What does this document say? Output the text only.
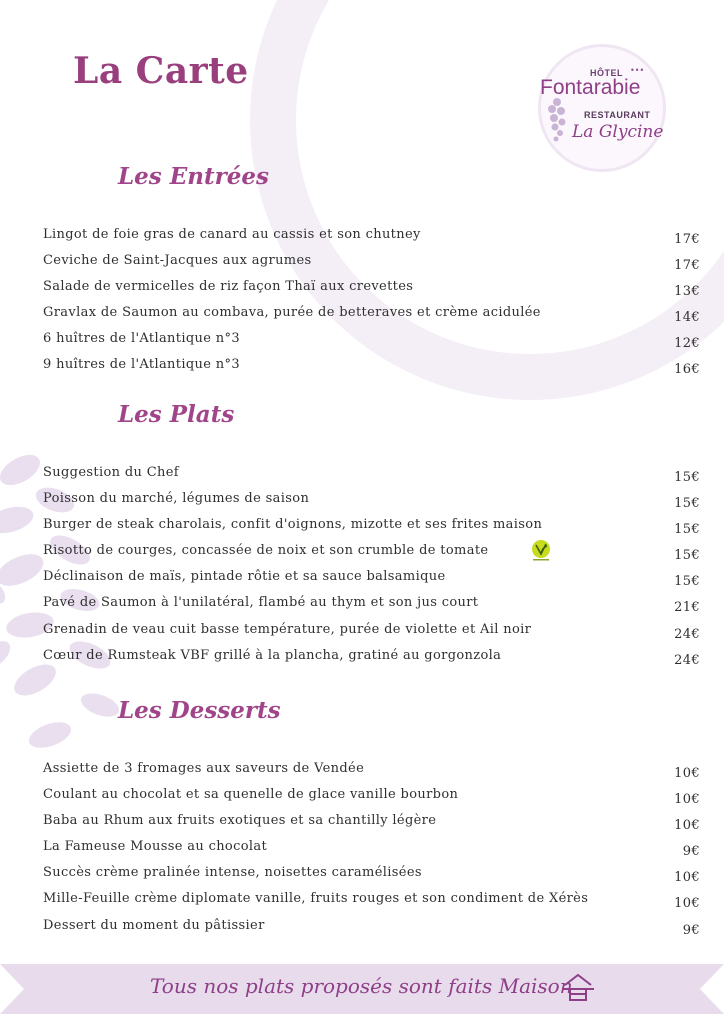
La Carte	HÔTEL •••
Fontarabie
RESTAURANT
La Glycine
Les Entrées
Lingot de foie gras de canard au cassis et son chutney	17€
Ceviche de Saint-Jacques aux agrumes	17€
Salade de vermicelles de riz façon Thaï aux crevettes	13€
Gravlax de Saumon au combava, purée de betteraves et crème acidulée	14€
6 huîtres de l'Atlantique n°3	12€
9 huîtres de l'Atlantique n°3	16€
Les Plats
Suggestion du Chef	15€
Poisson du marché, légumes de saison	15€
Burger de steak charolais, confit d'oignons, mizotte et ses frites maison	15€
Risotto de courges, concassée de noix et son crumble de tomate	15€
Déclinaison de maïs, pintade rôtie et sa sauce balsamique	15€
Pavé de Saumon à l'unilatéral, flambé au thym et son jus court	21€
Grenadin de veau cuit basse température, purée de violette et Ail noir	24€
Cœur de Rumsteak VBF grillé à la plancha, gratiné au gorgonzola	24€
Les Desserts
Assiette de 3 fromages aux saveurs de Vendée	10€
Coulant au chocolat et sa quenelle de glace vanille bourbon	10€
Baba au Rhum aux fruits exotiques et sa chantilly légère	10€
La Fameuse Mousse au chocolat	9€
Succès crème pralinée intense, noisettes caramélisées	10€
Mille-Feuille crème diplomate vanille, fruits rouges et son condiment de Xérès	10€
Dessert du moment du pâtissier	9€
Tous nos plats proposés sont faits Maison
